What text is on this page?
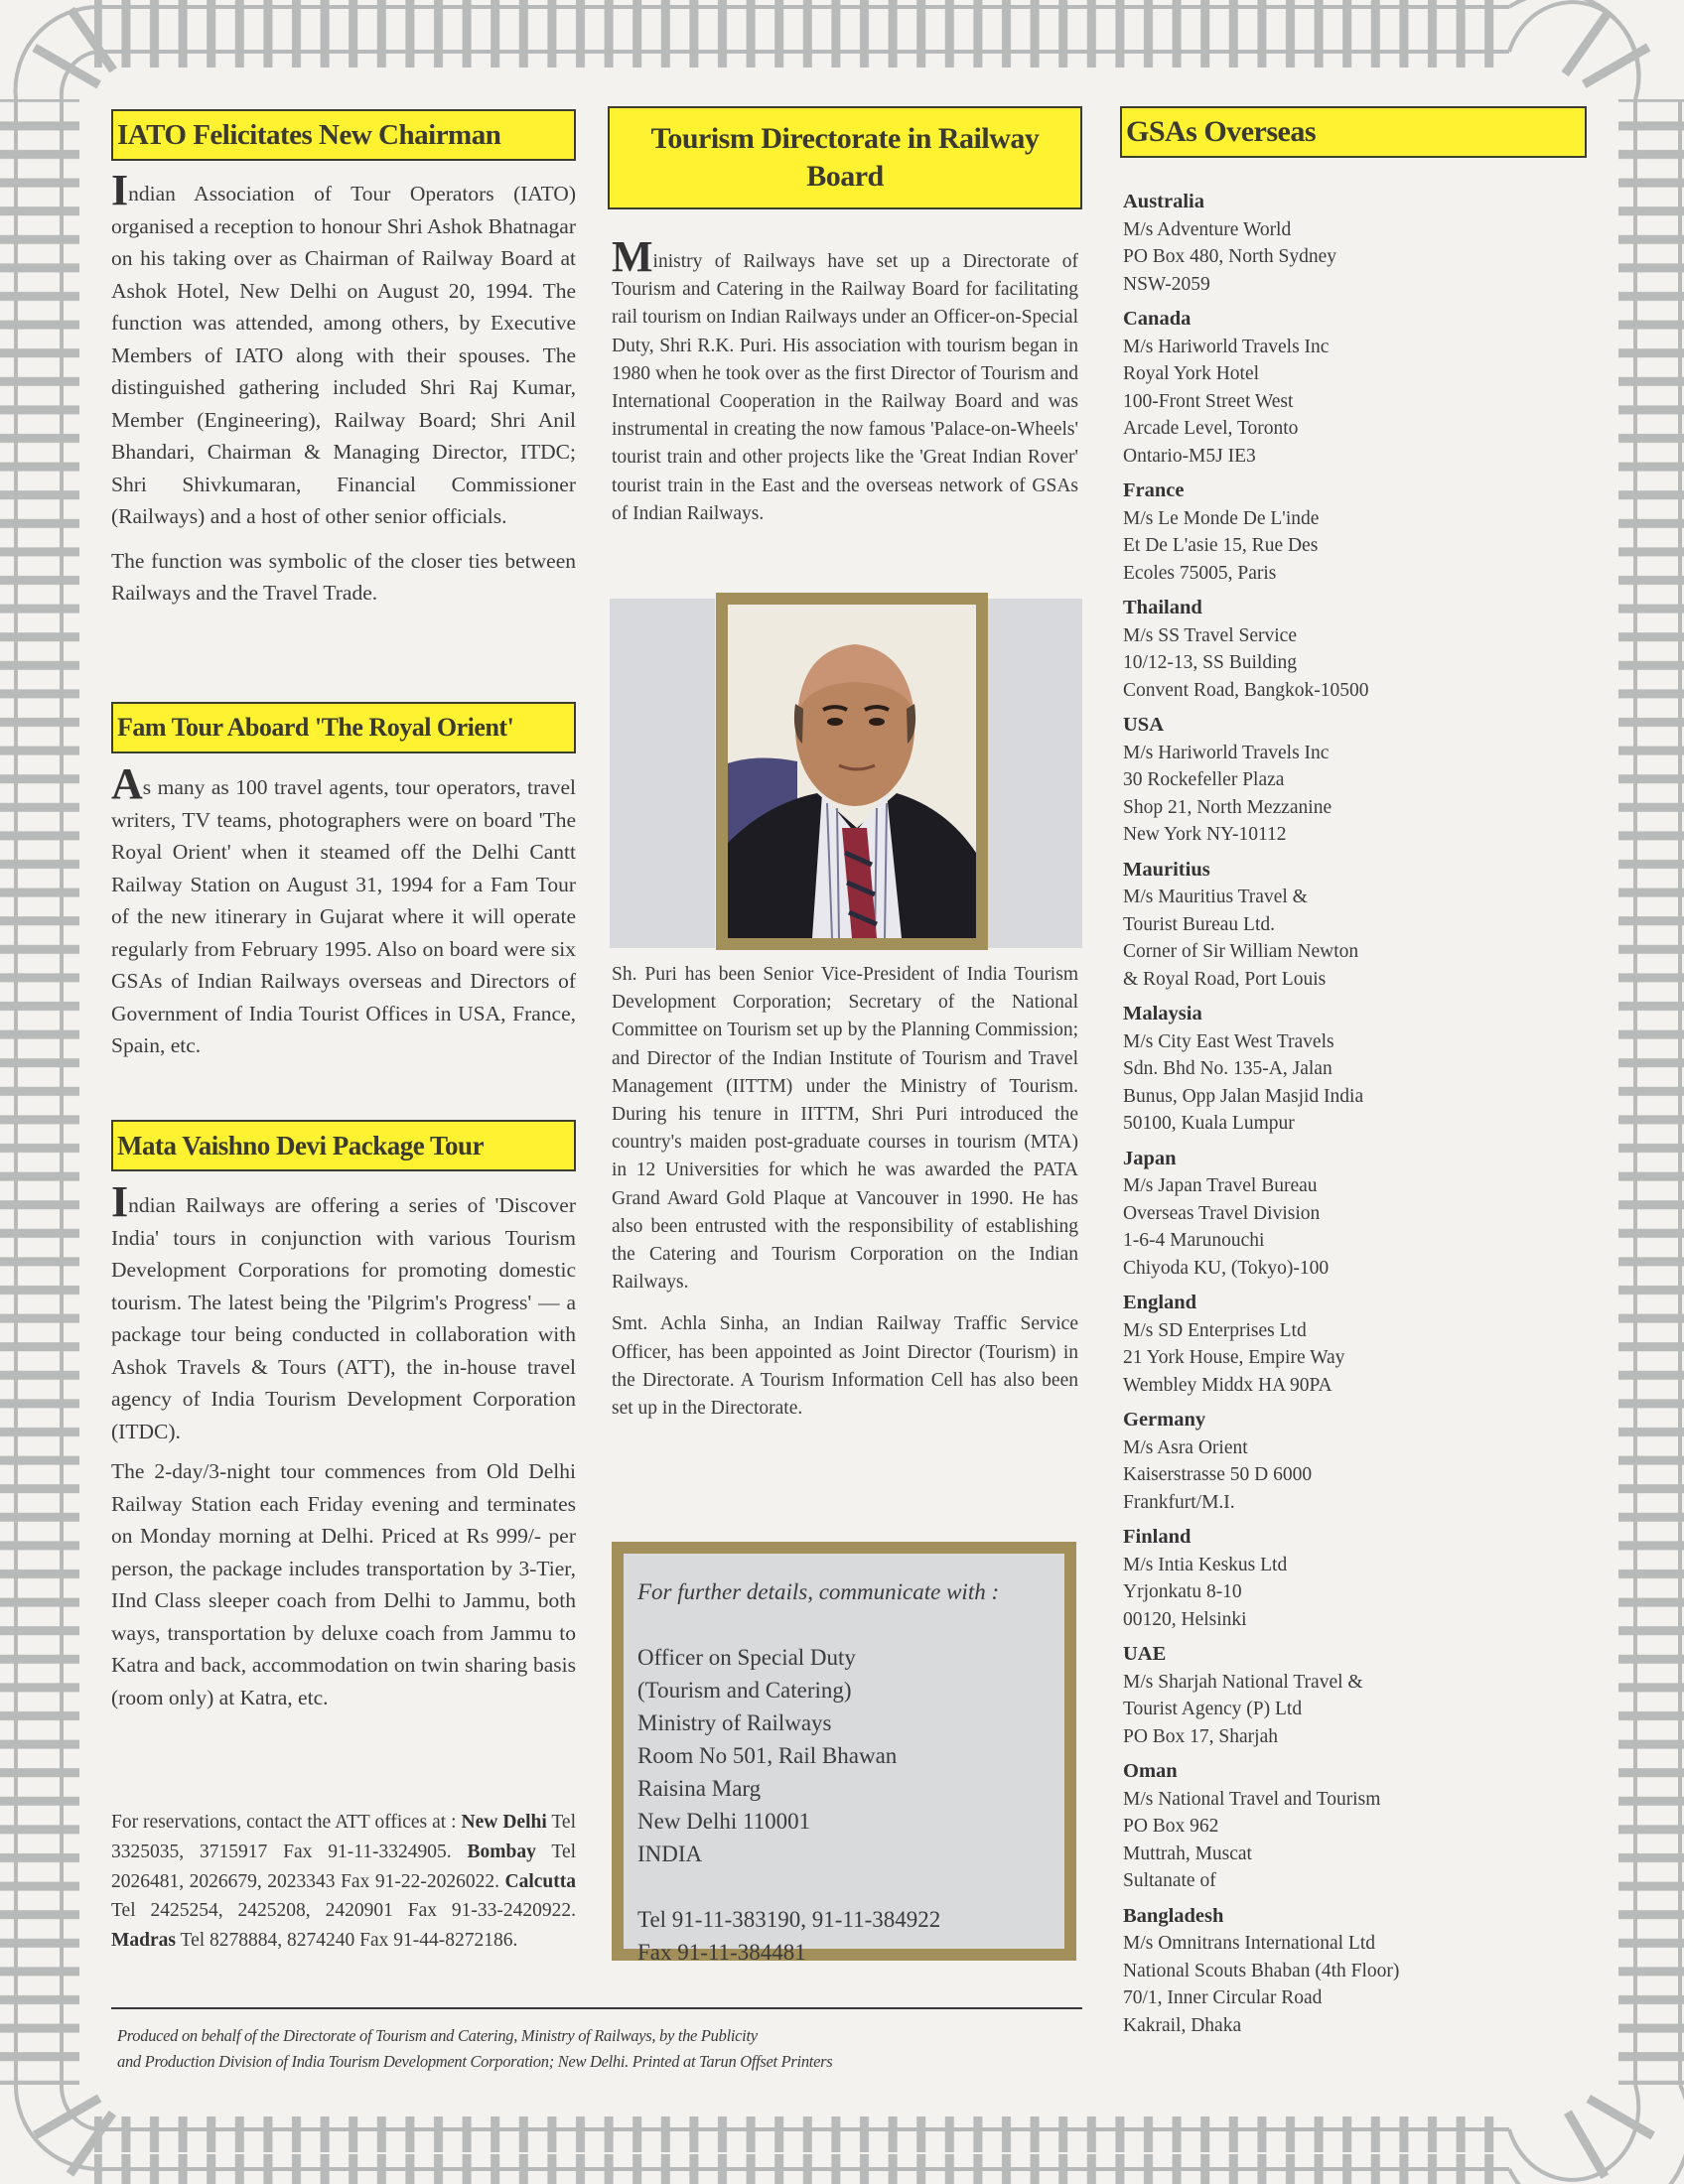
IATO Felicitates New Chairman

Indian Association of Tour Operators (IATO) organised a reception to honour Shri Ashok Bhatnagar on his taking over as Chairman of Railway Board at Ashok Hotel, New Delhi on August 20, 1994. The function was attended, among others, by Executive Members of IATO along with their spouses. The distinguished gathering included Shri Raj Kumar, Member (Engineering), Railway Board; Shri Anil Bhandari, Chairman & Managing Director, ITDC; Shri Shivkumaran, Financial Commissioner (Railways) and a host of other senior officials.

The function was symbolic of the closer ties between Railways and the Travel Trade.

Fam Tour Aboard 'The Royal Orient'

As many as 100 travel agents, tour operators, travel writers, TV teams, photographers were on board 'The Royal Orient' when it steamed off the Delhi Cantt Railway Station on August 31, 1994 for a Fam Tour of the new itinerary in Gujarat where it will operate regularly from February 1995. Also on board were six GSAs of Indian Railways overseas and Directors of Government of India Tourist Offices in USA, France, Spain, etc.

Mata Vaishno Devi Package Tour

Indian Railways are offering a series of 'Discover India' tours in conjunction with various Tourism Development Corporations for promoting domestic tourism. The latest being the 'Pilgrim's Progress' — a package tour being conducted in collaboration with Ashok Travels & Tours (ATT), the in-house travel agency of India Tourism Development Corporation (ITDC).

The 2-day/3-night tour commences from Old Delhi Railway Station each Friday evening and terminates on Monday morning at Delhi. Priced at Rs 999/- per person, the package includes transportation by 3-Tier, IInd Class sleeper coach from Delhi to Jammu, both ways, transportation by deluxe coach from Jammu to Katra and back, accommodation on twin sharing basis (room only) at Katra, etc.

For reservations, contact the ATT offices at : New Delhi Tel 3325035, 3715917 Fax 91-11-3324905. Bombay Tel 2026481, 2026679, 2023343 Fax 91-22-2026022. Calcutta Tel 2425254, 2425208, 2420901 Fax 91-33-2420922. Madras Tel 8278884, 8274240 Fax 91-44-8272186.
Tourism Directorate in Railway Board

Ministry of Railways have set up a Directorate of Tourism and Catering in the Railway Board for facilitating rail tourism on Indian Railways under an Officer-on-Special Duty, Shri R.K. Puri. His association with tourism began in 1980 when he took over as the first Director of Tourism and International Cooperation in the Railway Board and was instrumental in creating the now famous 'Palace-on-Wheels' tourist train and other projects like the 'Great Indian Rover' tourist train in the East and the overseas network of GSAs of Indian Railways.

Sh. Puri has been Senior Vice-President of India Tourism Development Corporation; Secretary of the National Committee on Tourism set up by the Planning Commission; and Director of the Indian Institute of Tourism and Travel Management (IITTM) under the Ministry of Tourism. During his tenure in IITTM, Shri Puri introduced the country's maiden post-graduate courses in tourism (MTA) in 12 Universities for which he was awarded the PATA Grand Award Gold Plaque at Vancouver in 1990. He has also been entrusted with the responsibility of establishing the Catering and Tourism Corporation on the Indian Railways.

Smt. Achla Sinha, an Indian Railway Traffic Service Officer, has been appointed as Joint Director (Tourism) in the Directorate. A Tourism Information Cell has also been set up in the Directorate.

For further details, communicate with :
Officer on Special Duty
(Tourism and Catering)
Ministry of Railways
Room No 501, Rail Bhawan
Raisina Marg
New Delhi 110001
INDIA
Tel 91-11-383190, 91-11-384922
Fax 91-11-384481
GSAs Overseas
Australia
M/s Adventure World
PO Box 480, North Sydney
NSW-2059
Canada
M/s Hariworld Travels Inc
Royal York Hotel
100-Front Street West
Arcade Level, Toronto
Ontario-M5J IE3
France
M/s Le Monde De L'inde
Et De L'asie 15, Rue Des
Ecoles 75005, Paris
Thailand
M/s SS Travel Service
10/12-13, SS Building
Convent Road, Bangkok-10500
USA
M/s Hariworld Travels Inc
30 Rockefeller Plaza
Shop 21, North Mezzanine
New York NY-10112
Mauritius
M/s Mauritius Travel &
Tourist Bureau Ltd.
Corner of Sir William Newton
& Royal Road, Port Louis
Malaysia
M/s City East West Travels
Sdn. Bhd No. 135-A, Jalan
Bunus, Opp Jalan Masjid India
50100, Kuala Lumpur
Japan
M/s Japan Travel Bureau
Overseas Travel Division
1-6-4 Marunouchi
Chiyoda KU, (Tokyo)-100
England
M/s SD Enterprises Ltd
21 York House, Empire Way
Wembley Middx HA 90PA
Germany
M/s Asra Orient
Kaiserstrasse 50 D 6000
Frankfurt/M.I.
Finland
M/s Intia Keskus Ltd
Yrjonkatu 8-10
00120, Helsinki
UAE
M/s Sharjah National Travel &
Tourist Agency (P) Ltd
PO Box 17, Sharjah
Oman
M/s National Travel and Tourism
PO Box 962
Muttrah, Muscat
Sultanate of
Bangladesh
M/s Omnitrans International Ltd
National Scouts Bhaban (4th Floor)
70/1, Inner Circular Road
Kakrail, Dhaka
Produced on behalf of the Directorate of Tourism and Catering, Ministry of Railways, by the Publicity
and Production Division of India Tourism Development Corporation; New Delhi. Printed at Tarun Offset Printers
